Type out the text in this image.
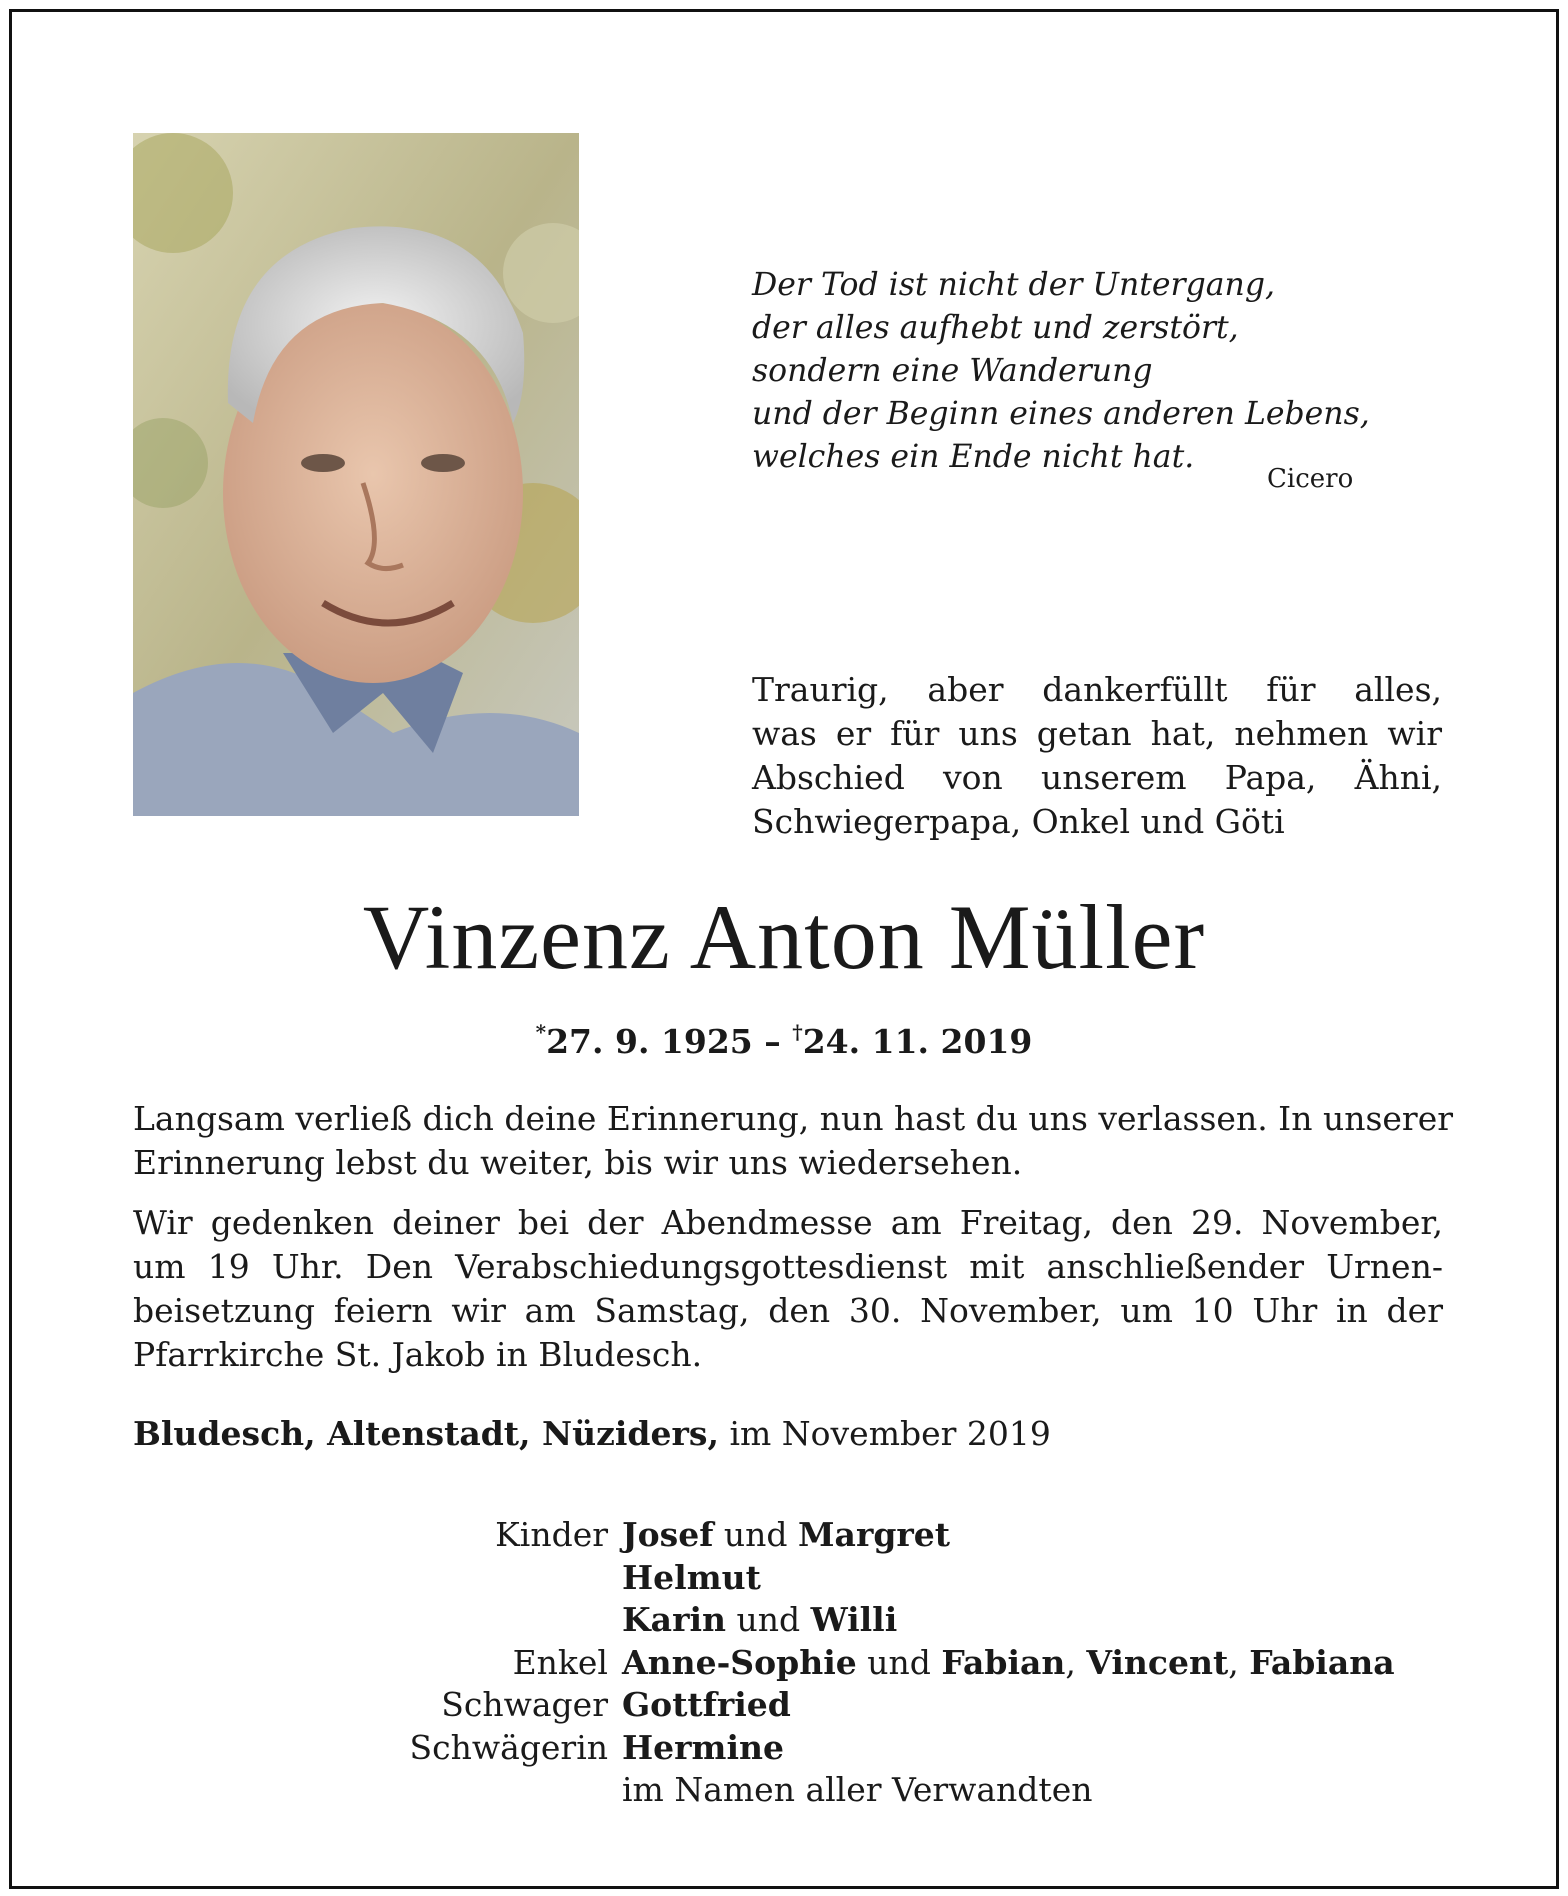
Der Tod ist nicht der Untergang,
der alles aufhebt und zerstört,
sondern eine Wanderung
und der Beginn eines anderen Lebens,
welches ein Ende nicht hat.
Cicero
Traurig, aber dankerfüllt für alles,
was er für uns getan hat, nehmen wir
Abschied von unserem Papa, Ähni,
Schwiegerpapa, Onkel und Göti
Vinzenz Anton Müller
*27. 9. 1925 – †24. 11. 2019
Langsam verließ dich deine Erinnerung, nun hast du uns verlassen. In unserer
Erinnerung lebst du weiter, bis wir uns wiedersehen.
Wir gedenken deiner bei der Abendmesse am Freitag, den 29. November,
um 19 Uhr. Den Verabschiedungsgottesdienst mit anschließender Urnen-
beisetzung feiern wir am Samstag, den 30. November, um 10 Uhr in der
Pfarrkirche St. Jakob in Bludesch.
Bludesch, Altenstadt, Nüziders, im November 2019
Kinder Josef und Margret
Helmut
Karin und Willi
Enkel Anne-Sophie und Fabian, Vincent, Fabiana
Schwager Gottfried
Schwägerin Hermine
im Namen aller Verwandten
